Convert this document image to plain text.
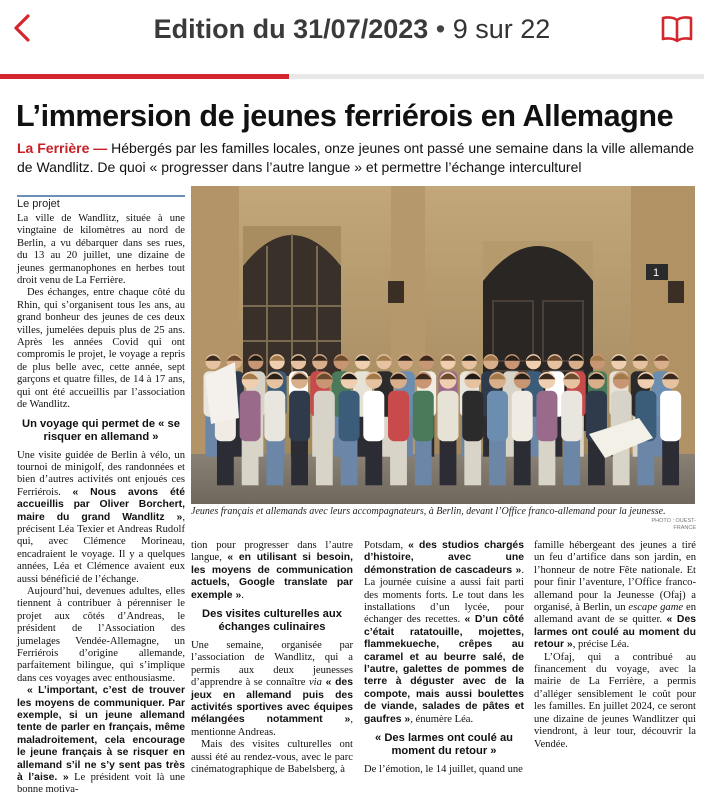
Edition du 31/07/2023 • 9 sur 22
L’immersion de jeunes ferriérois en Allemagne

La Ferrière — Hébergés par les familles locales, onze jeunes ont passé une semaine dans la ville allemande de Wandlitz. De quoi « progresser dans l’autre langue » et permettre l’échange interculturel

Le projet

La ville de Wandlitz, située à une vingtaine de kilomètres au nord de Berlin, a vu débarquer dans ses rues, du 13 au 20 juillet, une dizaine de jeunes germanophones en herbes tout droit venu de La Ferrière.

Des échanges, entre chaque côté du Rhin, qui s’organisent tous les ans, au grand bonheur des jeunes de ces deux villes, jumelées depuis plus de 25 ans. Après les années Covid qui ont compromis le projet, le voyage a repris de plus belle avec, cette année, sept garçons et quatre filles, de 14 à 17 ans, qui ont été accueillis par l’association de Wandlitz.

Un voyage qui permet de « se risquer en allemand »

Une visite guidée de Berlin à vélo, un tournoi de minigolf, des randonnées et bien d’autres activités ont enjoués ces Ferriérois. « Nous avons été accueillis par Oliver Borchert, maire du grand Wandlitz », précisent Léa Texier et Andreas Rudolf qui, avec Clémence Morineau, encadraient le voyage. Il y a quelques années, Léa et Clémence avaient eux aussi bénéficié de l’échange.

Aujourd’hui, devenues adultes, elles tiennent à contribuer à pérenniser le projet aux côtés d’Andreas, le président de l’Association des jumelages Vendée-Allemagne, un Ferriérois d’origine allemande, parfaitement bilingue, qui s’implique dans ces voyages avec enthousiasme.

« L’important, c’est de trouver les moyens de communiquer. Par exemple, si un jeune allemand tente de parler en français, même maladroitement, cela encourage le jeune français à se risquer en allemand s’il ne s’y sent pas très à l’aise. » Le président voit là une bonne motiva-

1
Jeunes français et allemands avec leurs accompagnateurs, à Berlin, devant l’Office franco-allemand pour la jeunesse.
PHOTO : OUEST-FRANCE

tion pour progresser dans l’autre langue, « en utilisant si besoin, les moyens de communication actuels, Google translate par exemple ».

Des visites culturelles aux échanges culinaires

Une semaine, organisée par l’association de Wandlitz, qui a permis aux deux jeunesses d’apprendre à se connaître via « des jeux en allemand puis des activités sportives avec équipes mélangées notamment », mentionne Andreas.

Mais des visites culturelles ont aussi été au rendez-vous, avec le parc cinématographique de Babelsberg, à

Potsdam, « des studios chargés d’histoire, avec une démonstration de cascadeurs ». La journée cuisine a aussi fait parti des moments forts. Le tout dans les installations d’un lycée, pour échanger des recettes. « D’un côté c’était ratatouille, mojettes, flammekueche, crêpes au caramel et au beurre salé, de l’autre, galettes de pommes de terre à déguster avec de la compote, mais aussi boulettes de viande, salades de pâtes et gaufres », énumère Léa.

« Des larmes ont coulé au moment du retour »

De l’émotion, le 14 juillet, quand une

famille hébergeant des jeunes a tiré un feu d’artifice dans son jardin, en l’honneur de notre Fête nationale. Et pour finir l’aventure, l’Office franco-allemand pour la Jeunesse (Ofaj) a organisé, à Berlin, un escape game en allemand avant de se quitter. « Des larmes ont coulé au moment du retour », précise Léa.

L’Ofaj, qui a contribué au financement du voyage, avec la mairie de La Ferrière, a permis d’alléger sensiblement le coût pour les familles. En juillet 2024, ce seront une dizaine de jeunes Wandlitzer qui viendront, à leur tour, découvrir la Vendée.
